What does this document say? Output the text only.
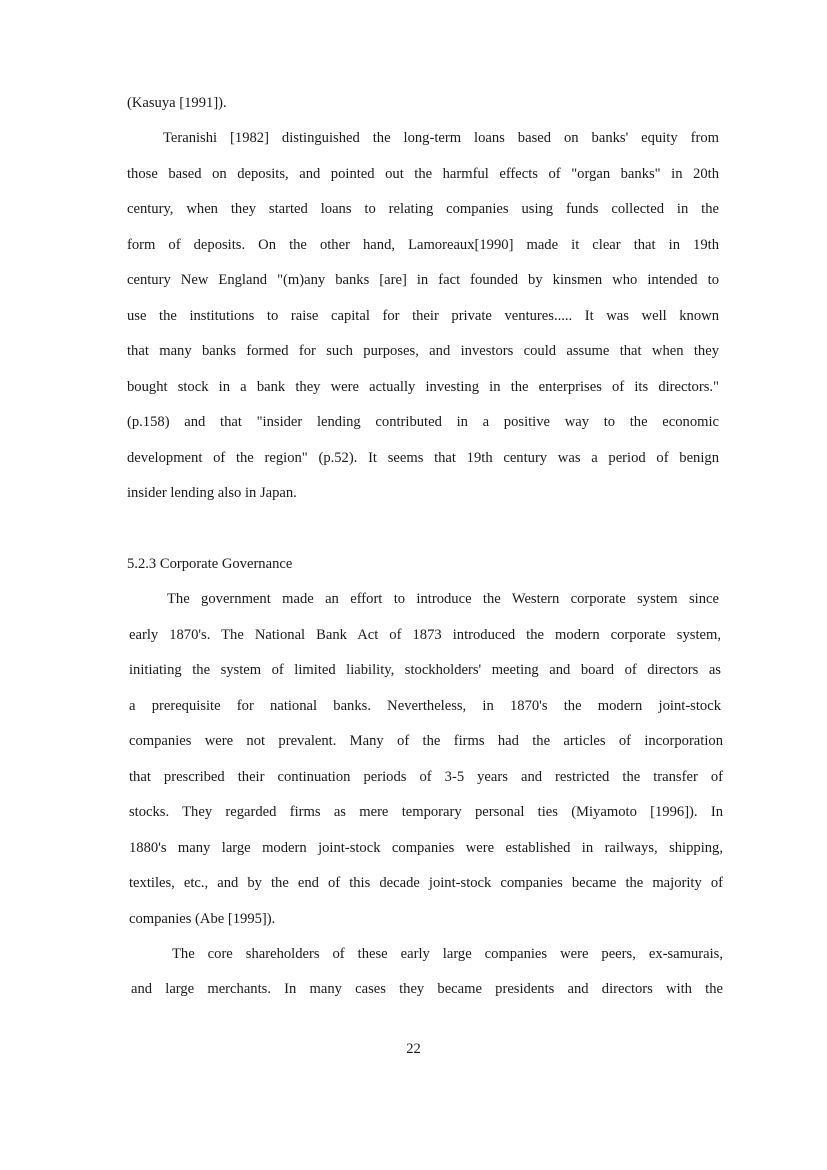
(Kasuya [1991]).
Teranishi [1982] distinguished the long-term loans based on banks' equity from
those based on deposits, and pointed out the harmful effects of "organ banks" in 20th
century, when they started loans to relating companies using funds collected in the
form of deposits. On the other hand, Lamoreaux[1990] made it clear that in 19th
century New England "(m)any banks [are] in fact founded by kinsmen who intended to
use the institutions to raise capital for their private ventures..... It was well known
that many banks formed for such purposes, and investors could assume that when they
bought stock in a bank they were actually investing in the enterprises of its directors."
(p.158) and that "insider lending contributed in a positive way to the economic
development of the region" (p.52). It seems that 19th century was a period of benign
insider lending also in Japan.
5.2.3 Corporate Governance
The government made an effort to introduce the Western corporate system since
early 1870's. The National Bank Act of 1873 introduced the modern corporate system,
initiating the system of limited liability, stockholders' meeting and board of directors as
a prerequisite for national banks. Nevertheless, in 1870's the modern joint-stock
companies were not prevalent. Many of the firms had the articles of incorporation
that prescribed their continuation periods of 3-5 years and restricted the transfer of
stocks. They regarded firms as mere temporary personal ties (Miyamoto [1996]). In
1880's many large modern joint-stock companies were established in railways, shipping,
textiles, etc., and by the end of this decade joint-stock companies became the majority of
companies (Abe [1995]).
The core shareholders of these early large companies were peers, ex-samurais,
and large merchants. In many cases they became presidents and directors with the
22
